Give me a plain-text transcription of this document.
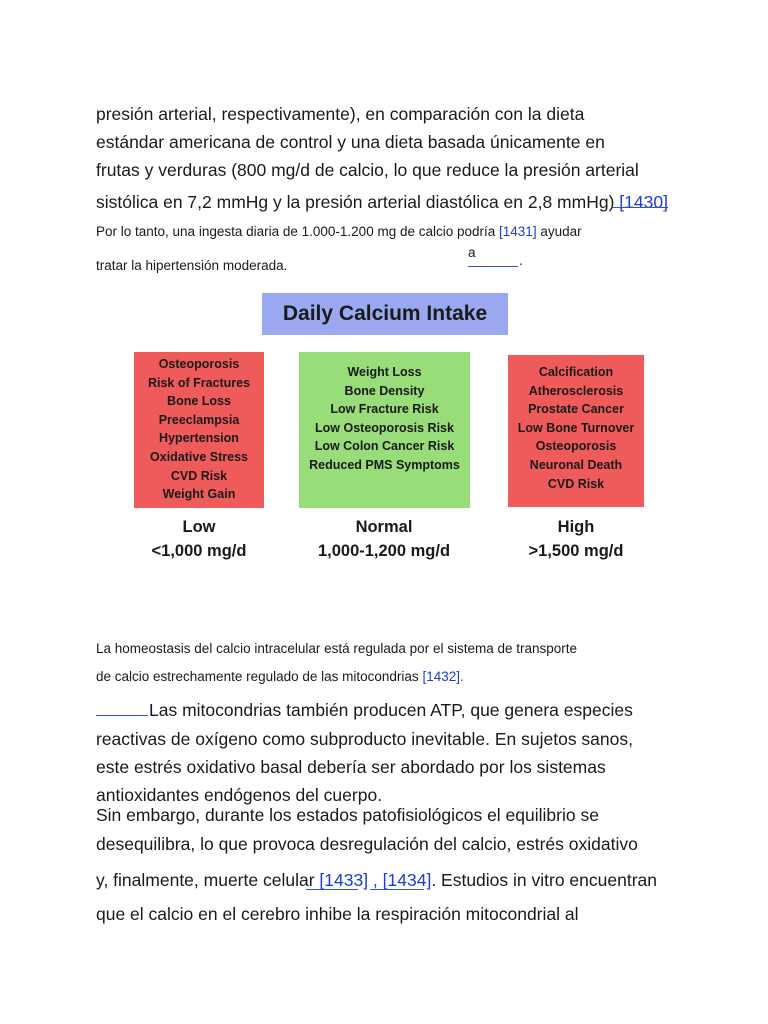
presión arterial, respectivamente), en comparación con la dieta
estándar americana de control y una dieta basada únicamente en
frutas y verduras (800 mg/d de calcio, lo que reduce la presión arterial
sistólica en 7,2 mmHg y la presión arterial diastólica en 2,8 mmHg) [1430]
Por lo tanto, una ingesta diaria de 1.000-1.200 mg de calcio podría [1431] ayudar
a
tratar la hipertensión moderada.	.
Daily Calcium Intake
Osteoporosis
Risk of Fractures
Bone Loss
Preeclampsia
Hypertension
Oxidative Stress
CVD Risk
Weight Gain
Weight Loss
Bone Density
Low Fracture Risk
Low Osteoporosis Risk
Low Colon Cancer Risk
Reduced PMS Symptoms
Calcification
Atherosclerosis
Prostate Cancer
Low Bone Turnover
Osteoporosis
Neuronal Death
CVD Risk
Low
<1,000 mg/d
Normal
1,000-1,200 mg/d
High
>1,500 mg/d
La homeostasis del calcio intracelular está regulada por el sistema de transporte
de calcio estrechamente regulado de las mitocondrias [1432].
Las mitocondrias también producen ATP, que genera especies
reactivas de oxígeno como subproducto inevitable. En sujetos sanos,
este estrés oxidativo basal debería ser abordado por los sistemas
antioxidantes endógenos del cuerpo.
Sin embargo, durante los estados patofisiológicos el equilibrio se
desequilibra, lo que provoca desregulación del calcio, estrés oxidativo
y, finalmente, muerte celular [1433] , [1434]. Estudios in vitro encuentran
que el calcio en el cerebro inhibe la respiración mitocondrial al
